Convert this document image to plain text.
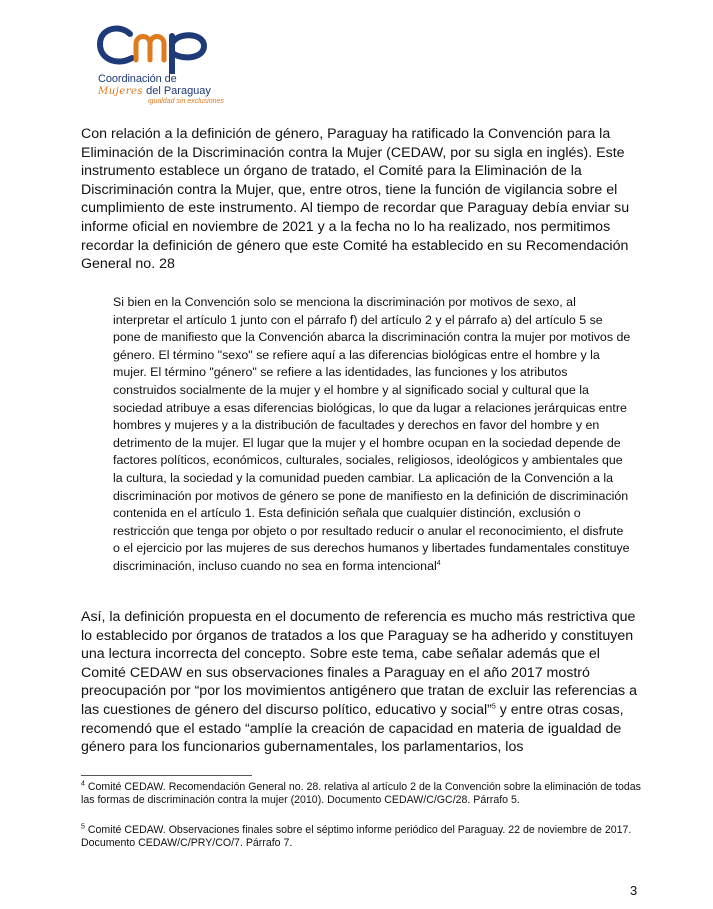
Coordinación de
Mujeres del Paraguay
igualdad sin exclusiones

Con relación a la definición de género, Paraguay ha ratificado la Convención para la Eliminación de la Discriminación contra la Mujer (CEDAW, por su sigla en inglés). Este instrumento establece un órgano de tratado, el Comité para la Eliminación de la Discriminación contra la Mujer, que, entre otros, tiene la función de vigilancia sobre el cumplimiento de este instrumento. Al tiempo de recordar que Paraguay debía enviar su informe oficial en noviembre de 2021 y a la fecha no lo ha realizado, nos permitimos recordar la definición de género que este Comité ha establecido en su Recomendación General no. 28

Si bien en la Convención solo se menciona la discriminación por motivos de sexo, al interpretar el artículo 1 junto con el párrafo f) del artículo 2 y el párrafo a) del artículo 5 se pone de manifiesto que la Convención abarca la discriminación contra la mujer por motivos de género. El término "sexo" se refiere aquí a las diferencias biológicas entre el hombre y la mujer. El término "género" se refiere a las identidades, las funciones y los atributos construidos socialmente de la mujer y el hombre y al significado social y cultural que la sociedad atribuye a esas diferencias biológicas, lo que da lugar a relaciones jerárquicas entre hombres y mujeres y a la distribución de facultades y derechos en favor del hombre y en detrimento de la mujer. El lugar que la mujer y el hombre ocupan en la sociedad depende de factores políticos, económicos, culturales, sociales, religiosos, ideológicos y ambientales que la cultura, la sociedad y la comunidad pueden cambiar. La aplicación de la Convención a la discriminación por motivos de género se pone de manifiesto en la definición de discriminación contenida en el artículo 1. Esta definición señala que cualquier distinción, exclusión o restricción que tenga por objeto o por resultado reducir o anular el reconocimiento, el disfrute o el ejercicio por las mujeres de sus derechos humanos y libertades fundamentales constituye discriminación, incluso cuando no sea en forma intencional$^4$

Así, la definición propuesta en el documento de referencia es mucho más restrictiva que lo establecido por órganos de tratados a los que Paraguay se ha adherido y constituyen una lectura incorrecta del concepto. Sobre este tema, cabe señalar además que el Comité CEDAW en sus observaciones finales a Paraguay en el año 2017 mostró preocupación por “por los movimientos antigénero que tratan de excluir las referencias a las cuestiones de género del discurso político, educativo y social”$^5$ y entre otras cosas, recomendó que el estado “amplíe la creación de capacidad en materia de igualdad de género para los funcionarios gubernamentales, los parlamentarios, los

$^4$ Comité CEDAW. Recomendación General no. 28. relativa al artículo 2 de la Convención sobre la eliminación de todas las formas de discriminación contra la mujer (2010). Documento CEDAW/C/GC/28. Párrafo 5.

$^5$ Comité CEDAW. Observaciones finales sobre el séptimo informe periódico del Paraguay. 22 de noviembre de 2017. Documento CEDAW/C/PRY/CO/7. Párrafo 7.

3
